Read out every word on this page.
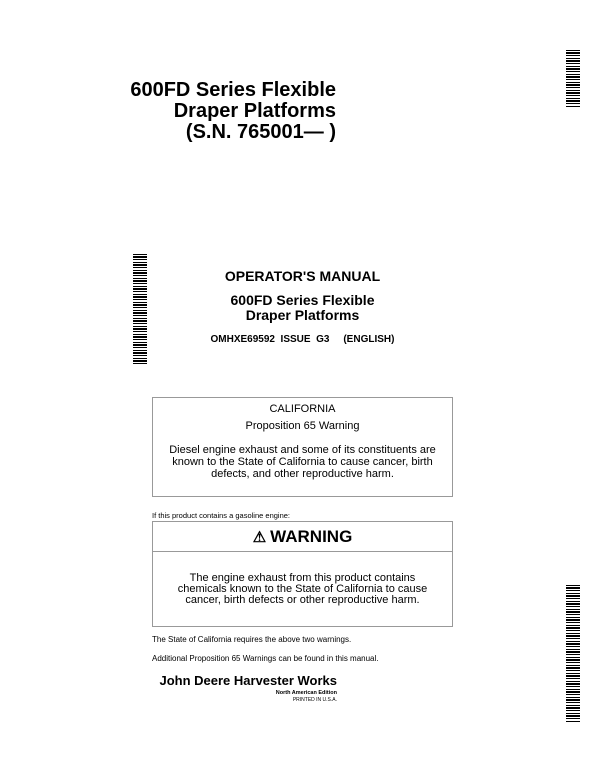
600FD Series Flexible
Draper Platforms
(S.N. 765001— )
OPERATOR'S MANUAL
600FD Series Flexible
Draper Platforms
OMHXE69592  ISSUE  G3     (ENGLISH)
CALIFORNIA
Proposition 65 Warning
Diesel engine exhaust and some of its constituents are known to the State of California to cause cancer, birth defects, and other reproductive harm.
If this product contains a gasoline engine:
⚠ WARNING
The engine exhaust from this product contains chemicals known to the State of California to cause cancer, birth defects or other reproductive harm.
The State of California requires the above two warnings.
Additional Proposition 65 Warnings can be found in this manual.
John Deere Harvester Works
North American Edition
PRINTED IN U.S.A.
